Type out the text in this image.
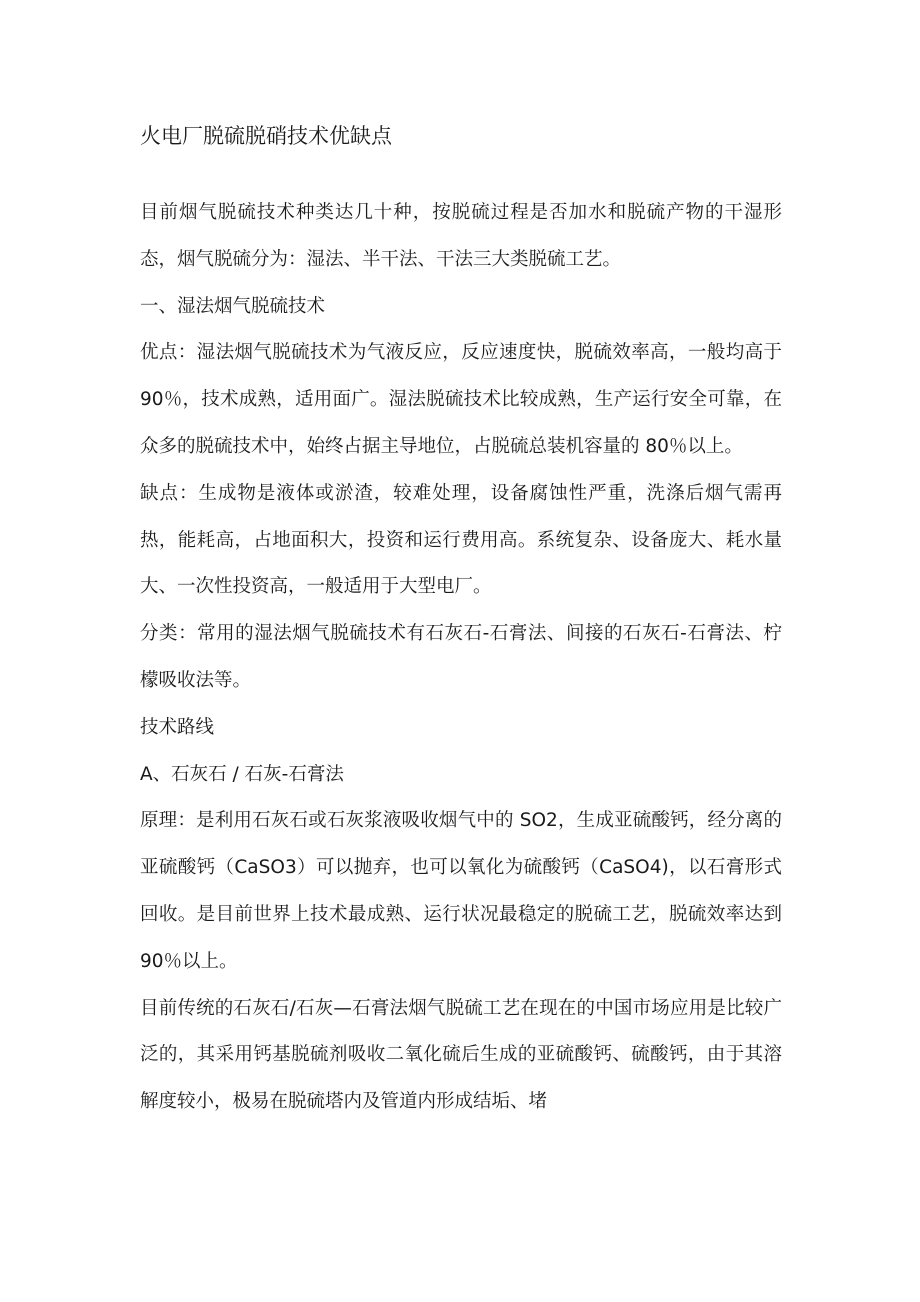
火电厂脱硫脱硝技术优缺点

目前烟气脱硫技术种类达几十种，按脱硫过程是否加水和脱硫产物的干湿形态，烟气脱硫分为：湿法、半干法、干法三大类脱硫工艺。

一、湿法烟气脱硫技术

优点：湿法烟气脱硫技术为气液反应，反应速度快，脱硫效率高，一般均高于 90％，技术成熟，适用面广。湿法脱硫技术比较成熟，生产运行安全可靠，在众多的脱硫技术中，始终占据主导地位，占脱硫总装机容量的 80％以上。

缺点：生成物是液体或淤渣，较难处理，设备腐蚀性严重，洗涤后烟气需再热，能耗高，占地面积大，投资和运行费用高。系统复杂、设备庞大、耗水量大、一次性投资高，一般适用于大型电厂。

分类：常用的湿法烟气脱硫技术有石灰石-石膏法、间接的石灰石-石膏法、柠檬吸收法等。

技术路线

A、石灰石 / 石灰-石膏法

原理：是利用石灰石或石灰浆液吸收烟气中的 SO2，生成亚硫酸钙，经分离的亚硫酸钙（CaSO3）可以抛弃，也可以氧化为硫酸钙（CaSO4)，以石膏形式回收。是目前世界上技术最成熟、运行状况最稳定的脱硫工艺，脱硫效率达到 90％以上。

目前传统的石灰石/石灰—石膏法烟气脱硫工艺在现在的中国市场应用是比较广泛的，其采用钙基脱硫剂吸收二氧化硫后生成的亚硫酸钙、硫酸钙，由于其溶解度较小，极易在脱硫塔内及管道内形成结垢、堵
